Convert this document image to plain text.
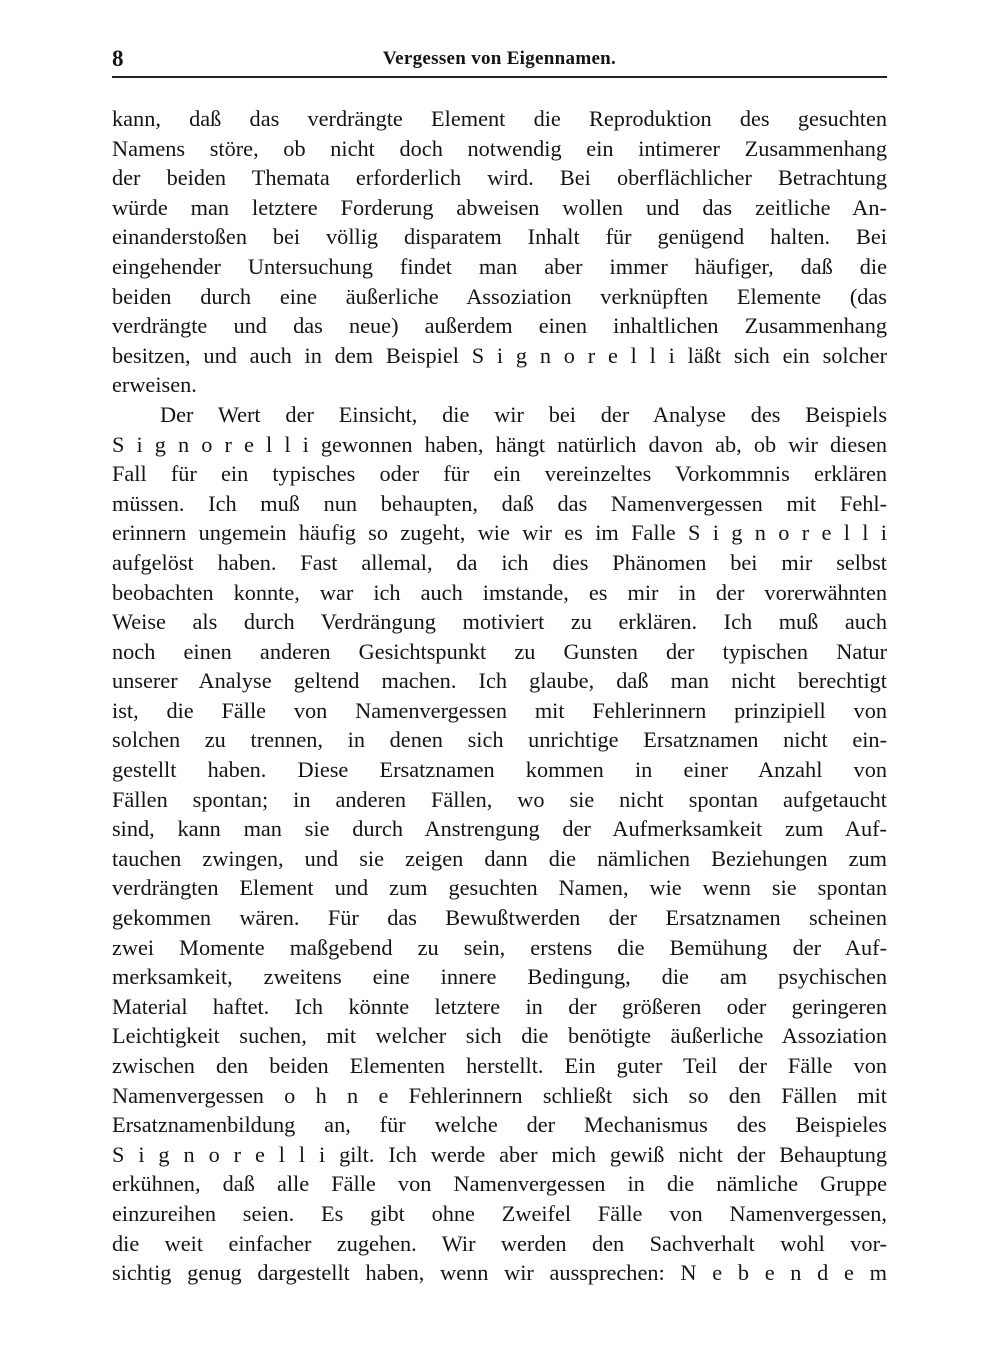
8	Vergessen von Eigennamen.
kann, daß das verdrängte Element die Reproduktion des gesuchten
Namens störe, ob nicht doch notwendig ein intimerer Zusammenhang
der beiden Themata erforderlich wird. Bei oberflächlicher Betrachtung
würde man letztere Forderung abweisen wollen und das zeitliche An-
einanderstoßen bei völlig disparatem Inhalt für genügend halten. Bei
eingehender Untersuchung findet man aber immer häufiger, daß die
beiden durch eine äußerliche Assoziation verknüpften Elemente (das
verdrängte und das neue) außerdem einen inhaltlichen Zusammenhang
besitzen, und auch in dem Beispiel S i g n o r e l l i läßt sich ein solcher
erweisen.
Der Wert der Einsicht, die wir bei der Analyse des Beispiels
S i g n o r e l l i gewonnen haben, hängt natürlich davon ab, ob wir diesen
Fall für ein typisches oder für ein vereinzeltes Vorkommnis erklären
müssen. Ich muß nun behaupten, daß das Namenvergessen mit Fehl-
erinnern ungemein häufig so zugeht, wie wir es im Falle S i g n o r e l l i
aufgelöst haben. Fast allemal, da ich dies Phänomen bei mir selbst
beobachten konnte, war ich auch imstande, es mir in der vorerwähnten
Weise als durch Verdrängung motiviert zu erklären. Ich muß auch
noch einen anderen Gesichtspunkt zu Gunsten der typischen Natur
unserer Analyse geltend machen. Ich glaube, daß man nicht berechtigt
ist, die Fälle von Namenvergessen mit Fehlerinnern prinzipiell von
solchen zu trennen, in denen sich unrichtige Ersatznamen nicht ein-
gestellt haben. Diese Ersatznamen kommen in einer Anzahl von
Fällen spontan; in anderen Fällen, wo sie nicht spontan aufgetaucht
sind, kann man sie durch Anstrengung der Aufmerksamkeit zum Auf-
tauchen zwingen, und sie zeigen dann die nämlichen Beziehungen zum
verdrängten Element und zum gesuchten Namen, wie wenn sie spontan
gekommen wären. Für das Bewußtwerden der Ersatznamen scheinen
zwei Momente maßgebend zu sein, erstens die Bemühung der Auf-
merksamkeit, zweitens eine innere Bedingung, die am psychischen
Material haftet. Ich könnte letztere in der größeren oder geringeren
Leichtigkeit suchen, mit welcher sich die benötigte äußerliche Assoziation
zwischen den beiden Elementen herstellt. Ein guter Teil der Fälle von
Namenvergessen o h n e Fehlerinnern schließt sich so den Fällen mit
Ersatznamenbildung an, für welche der Mechanismus des Beispieles
S i g n o r e l l i gilt. Ich werde aber mich gewiß nicht der Behauptung
erkühnen, daß alle Fälle von Namenvergessen in die nämliche Gruppe
einzureihen seien. Es gibt ohne Zweifel Fälle von Namenvergessen,
die weit einfacher zugehen. Wir werden den Sachverhalt wohl vor-
sichtig genug dargestellt haben, wenn wir aussprechen: N e b e n d e m
